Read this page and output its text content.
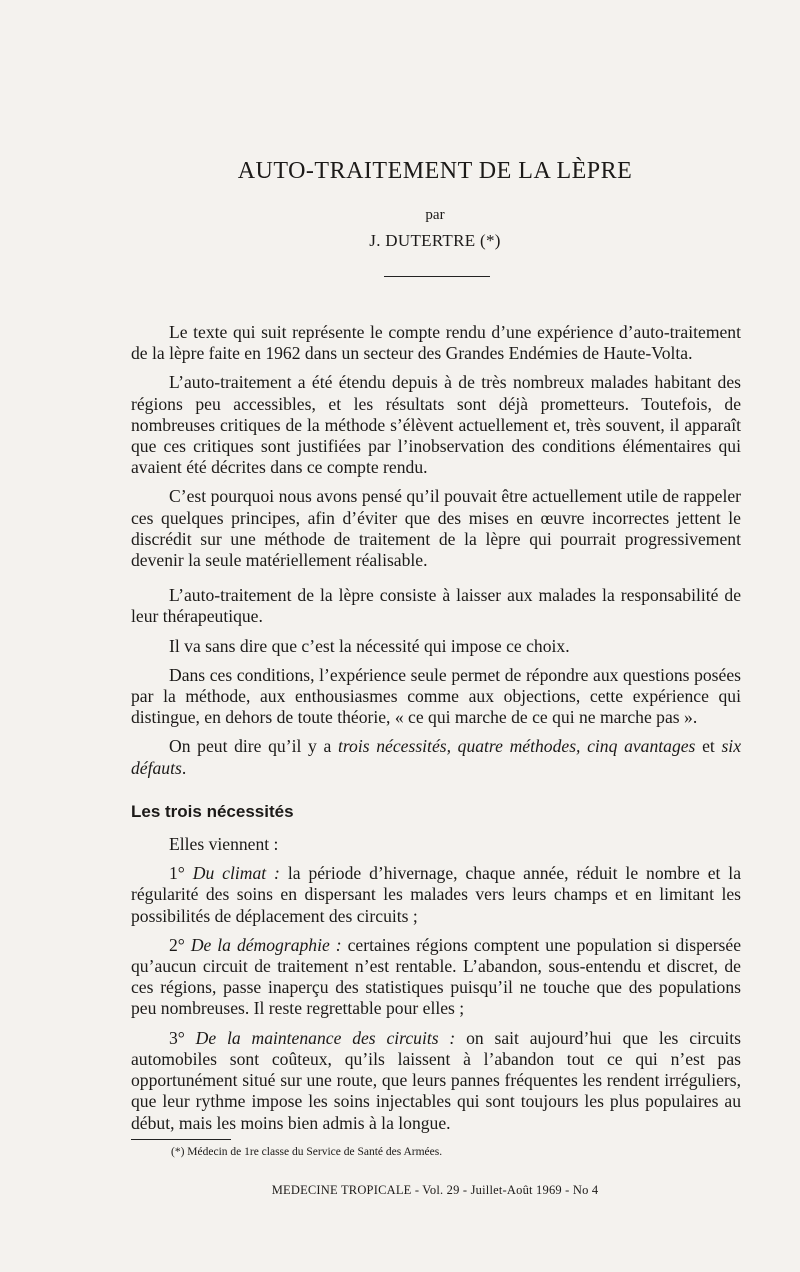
AUTO-TRAITEMENT DE LA LÈPRE
par
J. DUTERTRE (*)

Le texte qui suit représente le compte rendu d’une expérience d’auto-traitement de la lèpre faite en 1962 dans un secteur des Grandes Endémies de Haute-Volta.

L’auto-traitement a été étendu depuis à de très nombreux malades habitant des régions peu accessibles, et les résultats sont déjà prometteurs. Toutefois, de nombreuses critiques de la méthode s’élèvent actuellement et, très souvent, il apparaît que ces critiques sont justifiées par l’inobservation des conditions élémentaires qui avaient été décrites dans ce compte rendu.

C’est pourquoi nous avons pensé qu’il pouvait être actuellement utile de rappeler ces quelques principes, afin d’éviter que des mises en œuvre incorrectes jettent le discrédit sur une méthode de traitement de la lèpre qui pourrait progressivement devenir la seule matériellement réalisable.

L’auto-traitement de la lèpre consiste à laisser aux malades la responsabilité de leur thérapeutique.

Il va sans dire que c’est la nécessité qui impose ce choix.

Dans ces conditions, l’expérience seule permet de répondre aux questions posées par la méthode, aux enthousiasmes comme aux objections, cette expérience qui distingue, en dehors de toute théorie, « ce qui marche de ce qui ne marche pas ».

On peut dire qu’il y a trois nécessités, quatre méthodes, cinq avantages et six défauts.

Les trois nécessités

Elles viennent :

1° Du climat : la période d’hivernage, chaque année, réduit le nombre et la régularité des soins en dispersant les malades vers leurs champs et en limitant les possibilités de déplacement des circuits ;

2° De la démographie : certaines régions comptent une population si dispersée qu’aucun circuit de traitement n’est rentable. L’abandon, sous-entendu et discret, de ces régions, passe inaperçu des statistiques puisqu’il ne touche que des populations peu nombreuses. Il reste regrettable pour elles ;

3° De la maintenance des circuits : on sait aujourd’hui que les circuits automobiles sont coûteux, qu’ils laissent à l’abandon tout ce qui n’est pas opportunément situé sur une route, que leurs pannes fréquentes les rendent irréguliers, que leur rythme impose les soins injectables qui sont toujours les plus populaires au début, mais les moins bien admis à la longue.

(*) Médecin de 1re classe du Service de Santé des Armées.
MEDECINE TROPICALE - Vol. 29 - Juillet-Août 1969 - No 4
